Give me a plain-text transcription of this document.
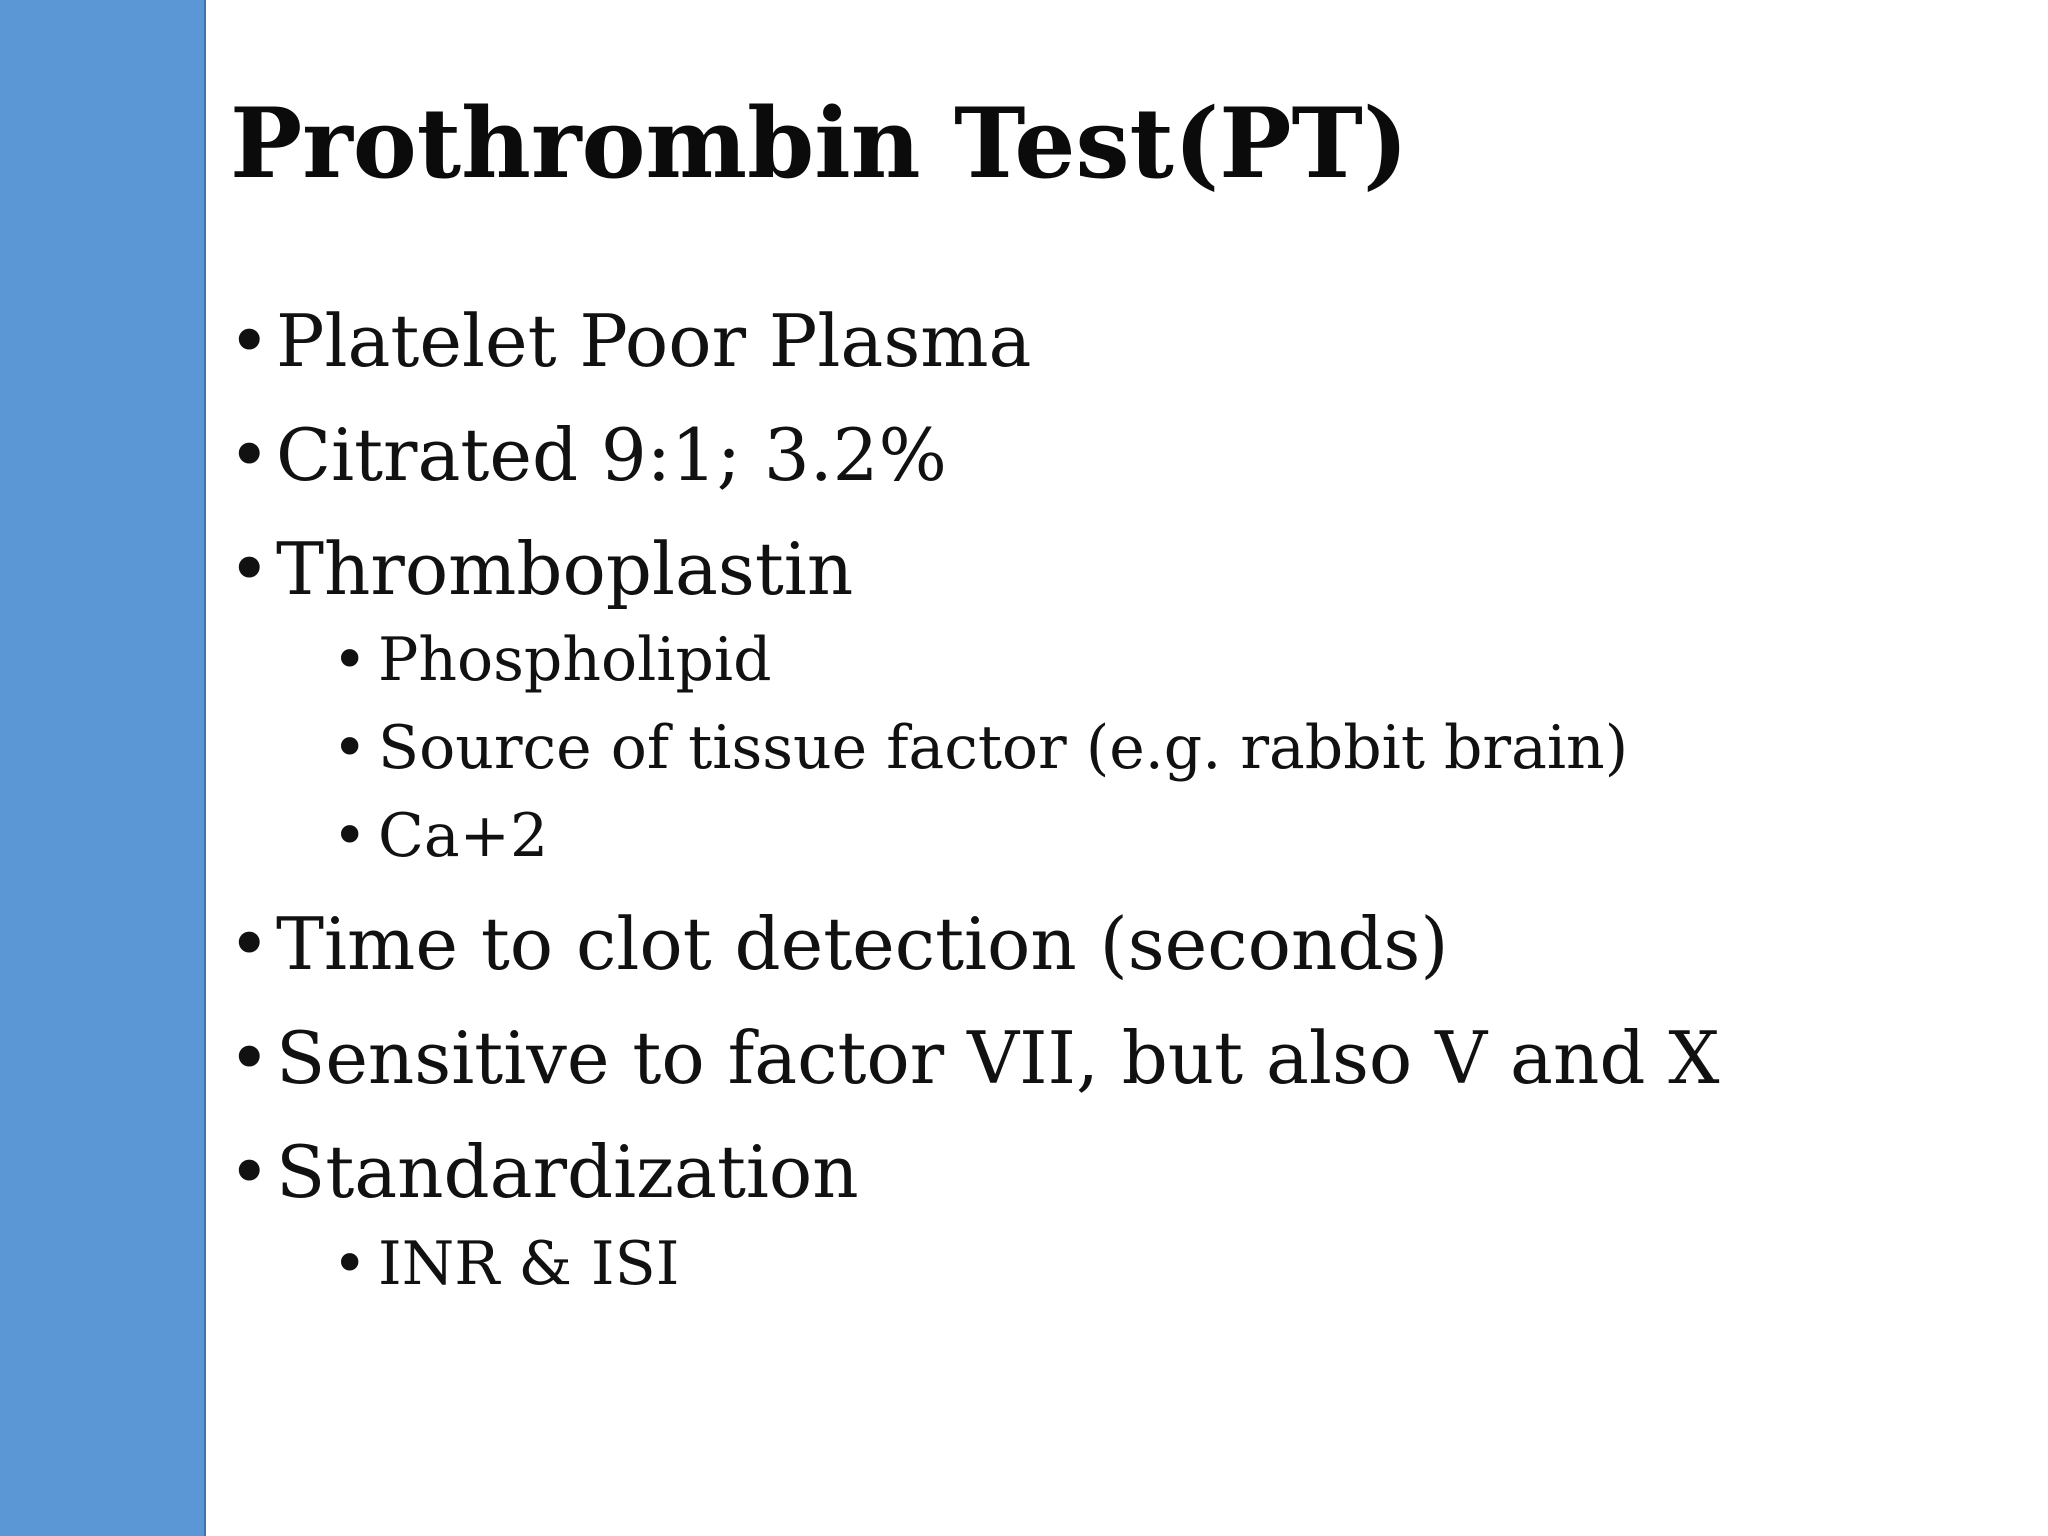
Prothrombin Test(PT)
• Platelet Poor Plasma
• Citrated 9:1; 3.2%
• Thromboplastin
• Phospholipid
• Source of tissue factor (e.g. rabbit brain)
• Ca+2
• Time to clot detection (seconds)
• Sensitive to factor VII, but also V and X
• Standardization
• INR & ISI
